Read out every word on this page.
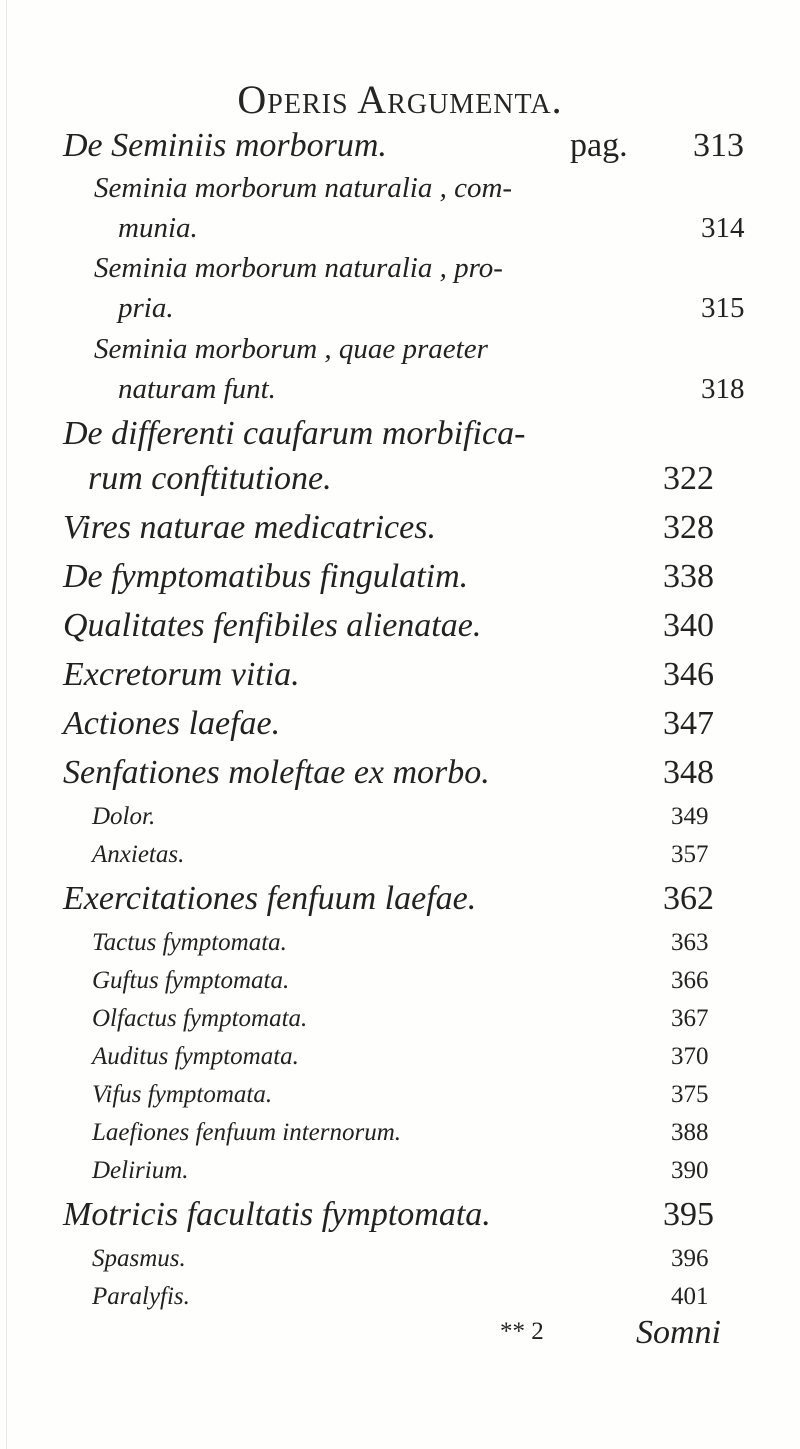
Operis Argumenta.
De Seminiis morborum.	pag. 313
Seminia morborum naturalia , com-
munia.	314
Seminia morborum naturalia , pro-
pria.	315
Seminia morborum , quae praeter
naturam funt.	318
De differenti caufarum morbifica-
rum conftitutione.	322
Vires naturae medicatrices.	328
De fymptomatibus fingulatim.	338
Qualitates fenfibiles alienatae.	340
Excretorum vitia.	346
Actiones laefae.	347
Senfationes moleftae ex morbo.	348
Dolor.	349
Anxietas.	357
Exercitationes fenfuum laefae.	362
Tactus fymptomata.	363
Guftus fymptomata.	366
Olfactus fymptomata.	367
Auditus fymptomata.	370
Vifus fymptomata.	375
Laefiones fenfuum internorum.	388
Delirium.	390
Motricis facultatis fymptomata.	395
Spasmus.	396
Paralyfis.	401
** 2	Somni
